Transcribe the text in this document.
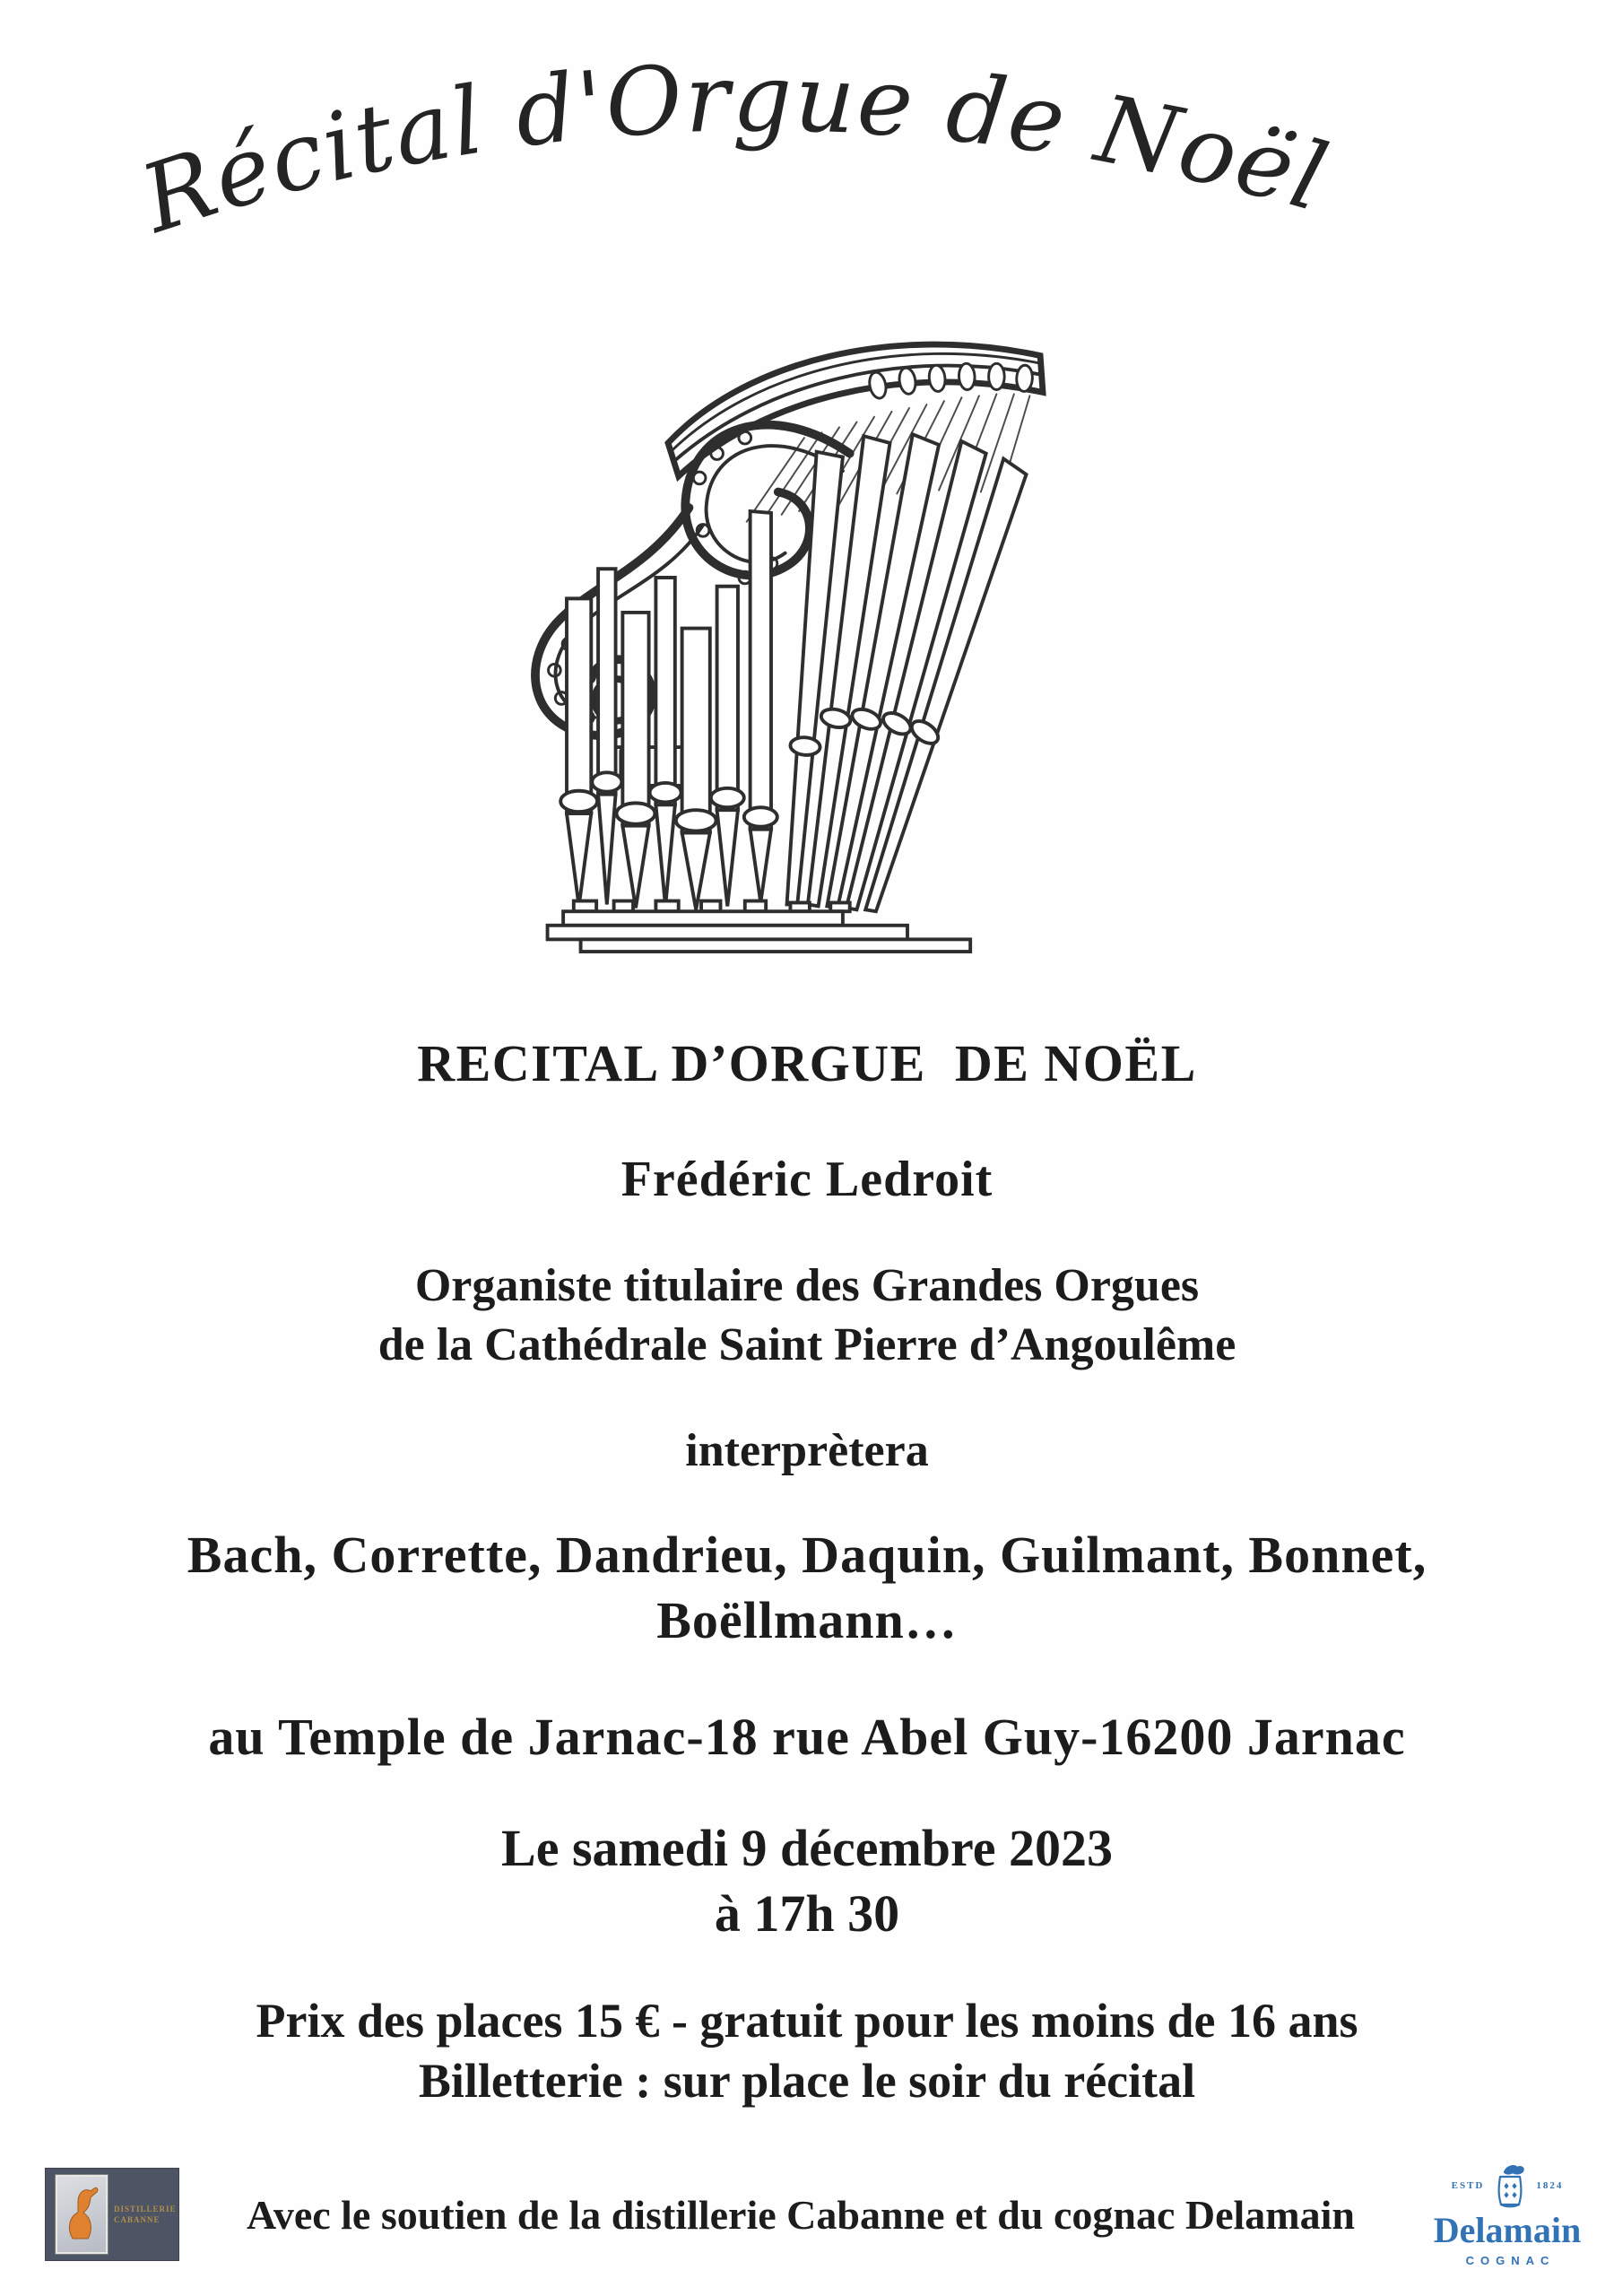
Récital d'Orgue de Noël
RECITAL D’ORGUE  DE NOËL
Frédéric Ledroit
Organiste titulaire des Grandes Orgues
de la Cathédrale Saint Pierre d’Angoulême
interprètera
Bach, Corrette, Dandrieu, Daquin, Guilmant, Bonnet,
Boëllmann…
au Temple de Jarnac-18 rue Abel Guy-16200 Jarnac
Le samedi 9 décembre 2023
à 17h 30
Prix des places 15 € - gratuit pour les moins de 16 ans
Billetterie : sur place le soir du récital
DISTILLERIE
CABANNE	Avec le soutien de la distillerie Cabanne et du cognac Delamain
ESTD	1824
Delamain
COGNAC
